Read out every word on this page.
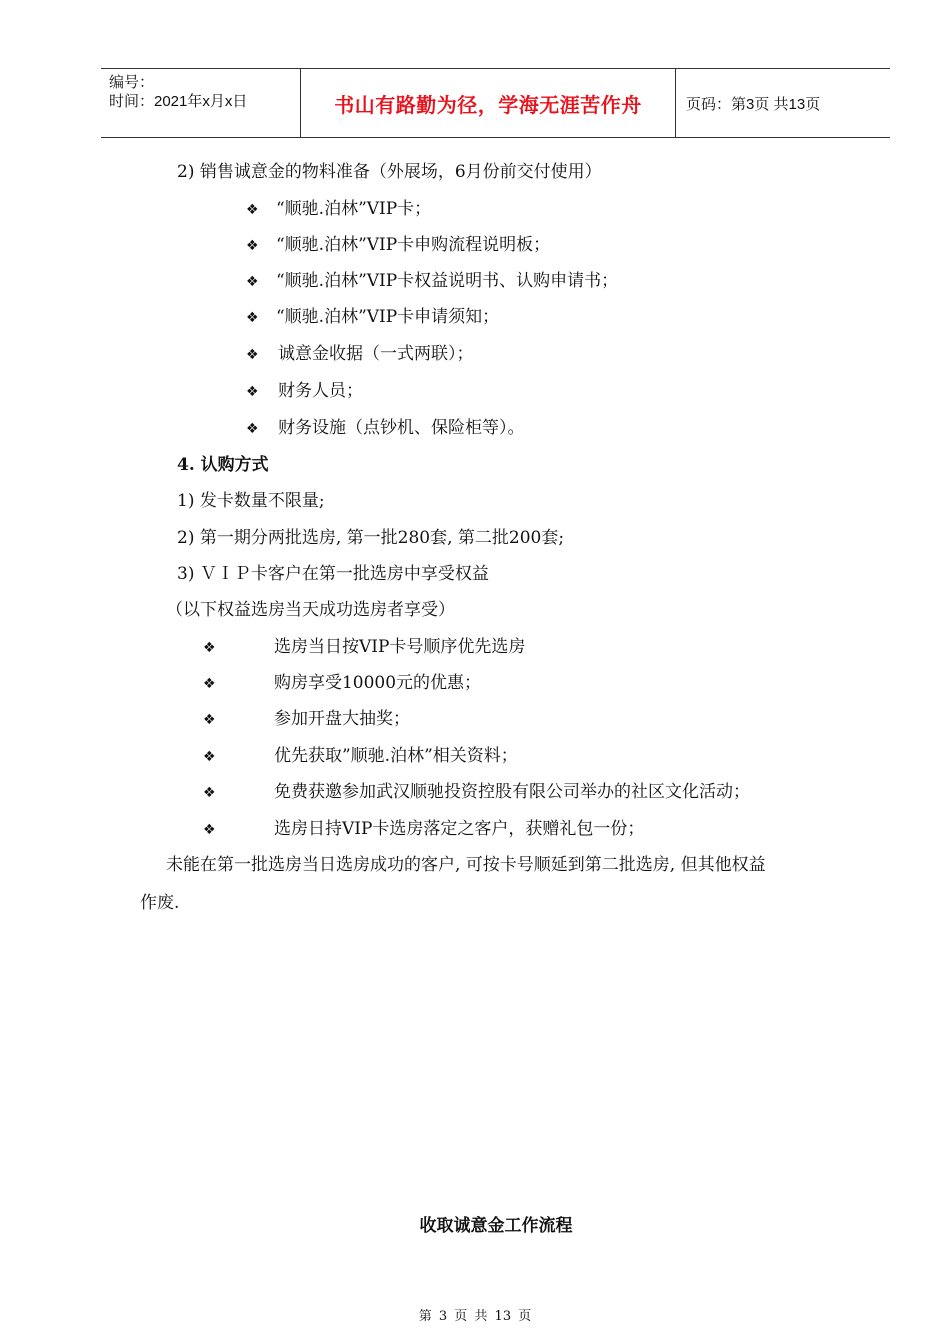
编号：
时间：2021年x月x日	书山有路勤为径，学海无涯苦作舟	页码：第3页 共13页
2) 销售诚意金的物料准备（外展场，6月份前交付使用）
❖ “顺驰.泊林”VIP卡；
❖ “顺驰.泊林”VIP卡申购流程说明板；
❖ “顺驰.泊林”VIP卡权益说明书、认购申请书；
❖ “顺驰.泊林”VIP卡申请须知；
❖ 诚意金收据（一式两联）；
❖ 财务人员；
❖ 财务设施（点钞机、保险柜等）。
4. 认购方式
1) 发卡数量不限量;
2) 第一期分两批选房, 第一批280套, 第二批200套;
3) ＶＩＰ卡客户在第一批选房中享受权益
（以下权益选房当天成功选房者享受）
❖	选房当日按VIP卡号顺序优先选房
❖	购房享受10000元的优惠；
❖	参加开盘大抽奖；
❖	优先获取”顺驰.泊林”相关资料；
❖	免费获邀参加武汉顺驰投资控股有限公司举办的社区文化活动；
❖	选房日持VIP卡选房落定之客户，获赠礼包一份；
未能在第一批选房当日选房成功的客户, 可按卡号顺延到第二批选房, 但其他权益
作废.
收取诚意金工作流程
第 3 页 共 13 页
